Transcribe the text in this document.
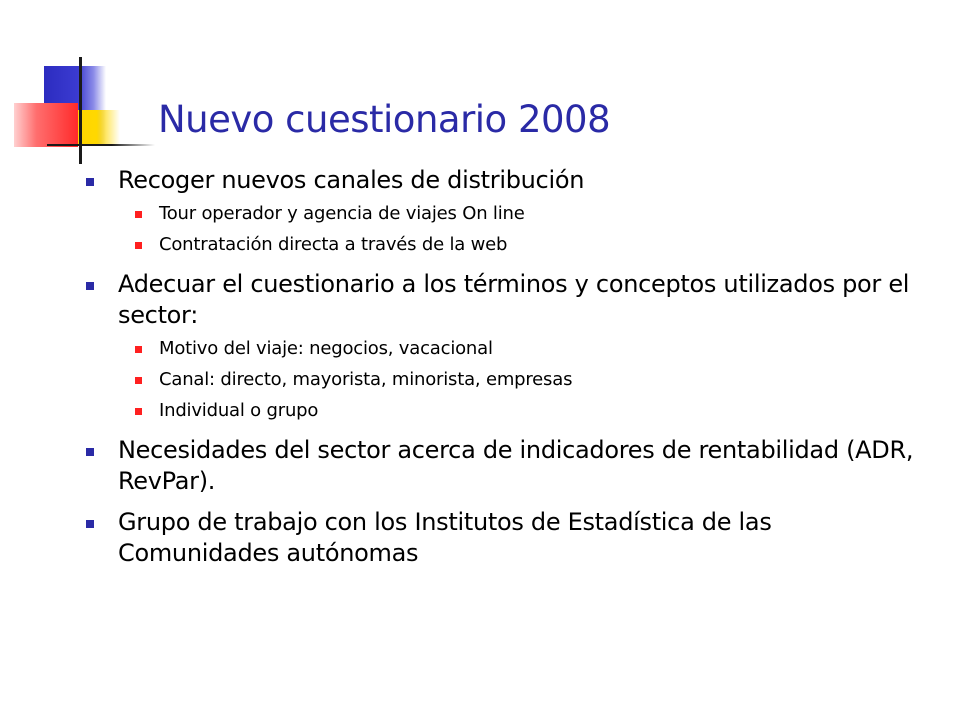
Nuevo cuestionario 2008
Recoger nuevos canales de distribución
Tour operador y agencia de viajes On line
Contratación directa a través de la web
Adecuar el cuestionario a los términos y conceptos utilizados por el sector:
Motivo del viaje: negocios, vacacional
Canal: directo, mayorista, minorista, empresas
Individual o grupo
Necesidades del sector acerca de indicadores de rentabilidad (ADR, RevPar).
Grupo de trabajo con los Institutos de Estadística de las Comunidades autónomas
